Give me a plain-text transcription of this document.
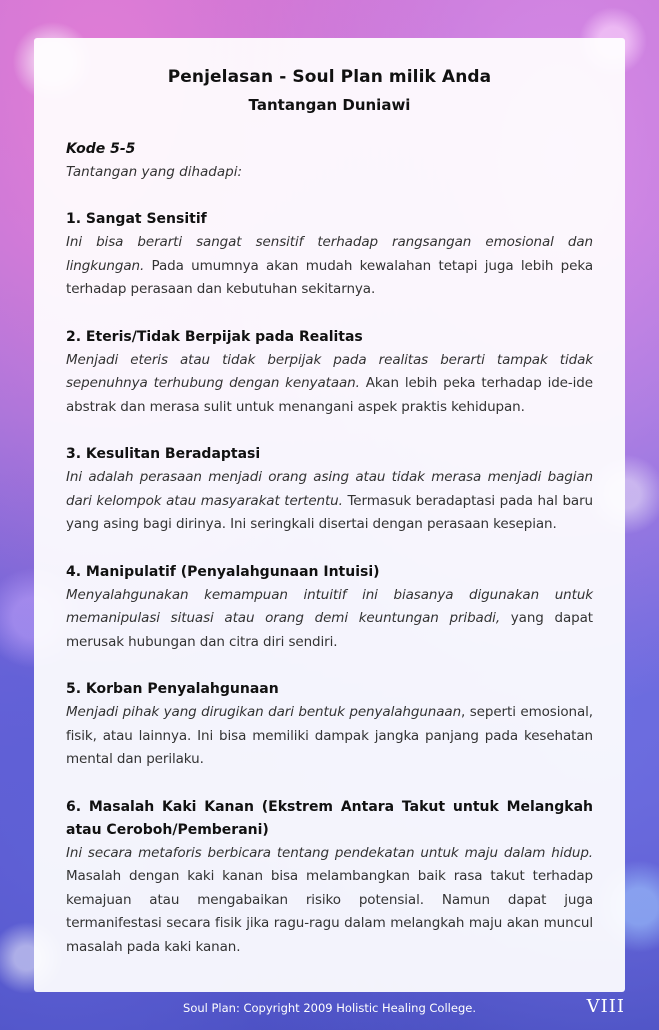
Penjelasan - Soul Plan milik Anda
Tantangan Duniawi
Kode 5-5
Tantangan yang dihadapi:
1. Sangat Sensitif
Ini bisa berarti sangat sensitif terhadap rangsangan emosional dan lingkungan. Pada umumnya akan mudah kewalahan tetapi juga lebih peka terhadap perasaan dan kebutuhan sekitarnya.
2. Eteris/Tidak Berpijak pada Realitas
Menjadi eteris atau tidak berpijak pada realitas berarti tampak tidak sepenuhnya terhubung dengan kenyataan. Akan lebih peka terhadap ide-ide abstrak dan merasa sulit untuk menangani aspek praktis kehidupan.
3. Kesulitan Beradaptasi
Ini adalah perasaan menjadi orang asing atau tidak merasa menjadi bagian dari kelompok atau masyarakat tertentu. Termasuk beradaptasi pada hal baru yang asing bagi dirinya. Ini seringkali disertai dengan perasaan kesepian.
4. Manipulatif (Penyalahgunaan Intuisi)
Menyalahgunakan kemampuan intuitif ini biasanya digunakan untuk memanipulasi situasi atau orang demi keuntungan pribadi, yang dapat merusak hubungan dan citra diri sendiri.
5. Korban Penyalahgunaan
Menjadi pihak yang dirugikan dari bentuk penyalahgunaan, seperti emosional, fisik, atau lainnya. Ini bisa memiliki dampak jangka panjang pada kesehatan mental dan perilaku.
6. Masalah Kaki Kanan (Ekstrem Antara Takut untuk Melangkah atau Ceroboh/Pemberani)
Ini secara metaforis berbicara tentang pendekatan untuk maju dalam hidup. Masalah dengan kaki kanan bisa melambangkan baik rasa takut terhadap kemajuan atau mengabaikan risiko potensial. Namun dapat juga termanifestasi secara fisik jika ragu-ragu dalam melangkah maju akan muncul masalah pada kaki kanan.
Soul Plan: Copyright 2009 Holistic Healing College.	VIII
